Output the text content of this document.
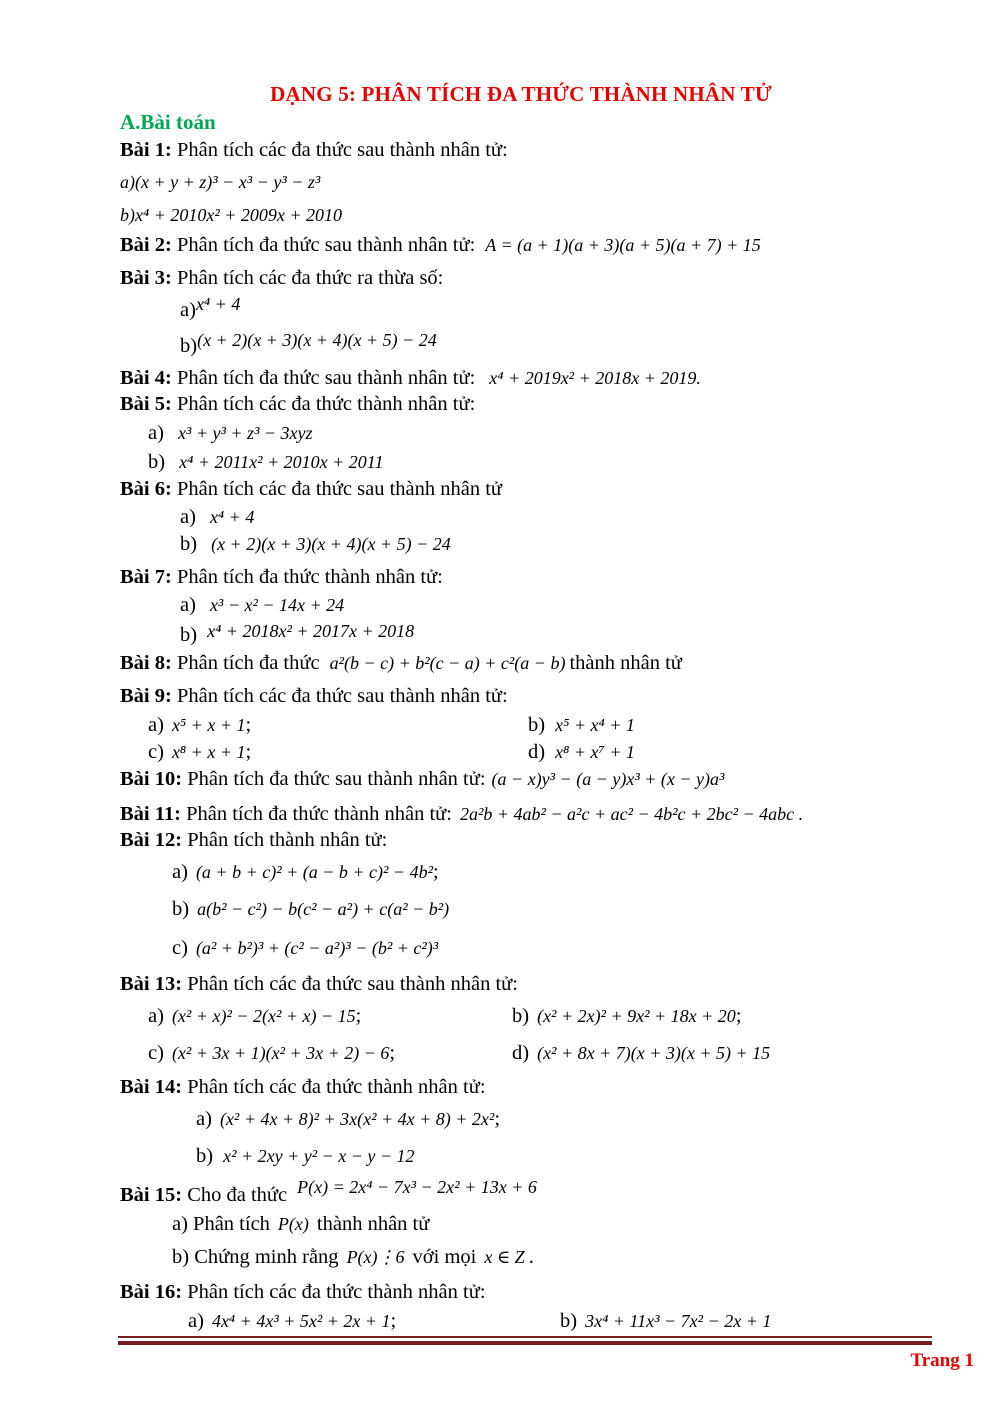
DẠNG 5: PHÂN TÍCH ĐA THỨC THÀNH NHÂN TỬ
A.Bài toán
Bài 1: Phân tích các đa thức sau thành nhân tử:
a)(x + y + z)³ − x³ − y³ − z³
b)x⁴ + 2010x² + 2009x + 2010
Bài 2: Phân tích đa thức sau thành nhân tử: A = (a + 1)(a + 3)(a + 5)(a + 7) + 15
Bài 3: Phân tích các đa thức ra thừa số:
a)x⁴ + 4
b)(x + 2)(x + 3)(x + 4)(x + 5) − 24
Bài 4: Phân tích đa thức sau thành nhân tử: x⁴ + 2019x² + 2018x + 2019.
Bài 5: Phân tích các đa thức thành nhân tử:
a) x³ + y³ + z³ − 3xyz
b) x⁴ + 2011x² + 2010x + 2011
Bài 6: Phân tích các đa thức sau thành nhân tử
a) x⁴ + 4
b) (x + 2)(x + 3)(x + 4)(x + 5) − 24
Bài 7: Phân tích đa thức thành nhân tử:
a) x³ − x² − 14x + 24
b) x⁴ + 2018x² + 2017x + 2018
Bài 8: Phân tích đa thức a²(b − c) + b²(c − a) + c²(a − b) thành nhân tử
Bài 9: Phân tích các đa thức sau thành nhân tử:
a) x⁵ + x + 1;	b) x⁵ + x⁴ + 1
c) x⁸ + x + 1;	d) x⁸ + x⁷ + 1
Bài 10: Phân tích đa thức sau thành nhân tử: (a − x)y³ − (a − y)x³ + (x − y)a³
Bài 11: Phân tích đa thức thành nhân tử: 2a²b + 4ab² − a²c + ac² − 4b²c + 2bc² − 4abc .
Bài 12: Phân tích thành nhân tử:
a) (a + b + c)² + (a − b + c)² − 4b²;
b) a(b² − c²) − b(c² − a²) + c(a² − b²)
c) (a² + b²)³ + (c² − a²)³ − (b² + c²)³
Bài 13: Phân tích các đa thức sau thành nhân tử:
a) (x² + x)² − 2(x² + x) − 15;	b) (x² + 2x)² + 9x² + 18x + 20;
c) (x² + 3x + 1)(x² + 3x + 2) − 6;	d) (x² + 8x + 7)(x + 3)(x + 5) + 15
Bài 14: Phân tích các đa thức thành nhân tử:
a) (x² + 4x + 8)² + 3x(x² + 4x + 8) + 2x²;
b) x² + 2xy + y² − x − y − 12
Bài 15: Cho đa thức P(x) = 2x⁴ − 7x³ − 2x² + 13x + 6
a) Phân tích P(x) thành nhân tử
b) Chứng minh rằng P(x)⋮6 với mọi x ∈ Z .
Bài 16: Phân tích các đa thức thành nhân tử:
a) 4x⁴ + 4x³ + 5x² + 2x + 1;	b) 3x⁴ + 11x³ − 7x² − 2x + 1
Trang 1
